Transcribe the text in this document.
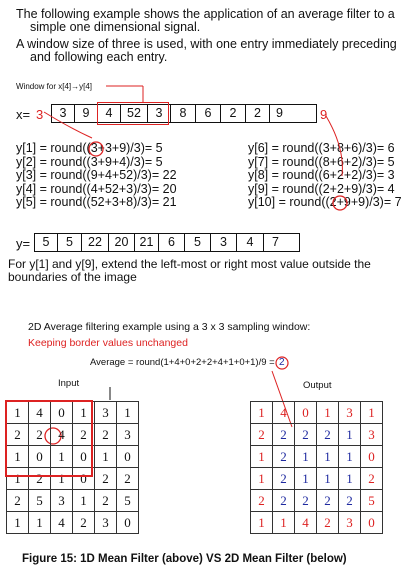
The following example shows the application of an average filter to a
simple one dimensional signal.
A window size of three is used, with one entry immediately preceding
and following each entry.
Window for x[4]→y[4]
x= 3	3	9	4	52	3	8	6	2	2	9	9
y[1] = round((3+3+9)/3)= 5
y[2] = round((3+9+4)/3)= 5
y[3] = round((9+4+52)/3)= 22
y[4] = round((4+52+3)/3)= 20
y[5] = round((52+3+8)/3)= 21
y[6] = round((3+8+6)/3)= 6
y[7] = round((8+6+2)/3)= 5
y[8] = round((6+2+2)/3)= 3
y[9] = round((2+2+9)/3)= 4
y[10] = round((2+9+9)/3)= 7
y= 5	5	22	20 21	6	5	3	4	7
For y[1] and y[9], extend the left-most or right most value outside the
boundaries of the image
2D Average filtering example using a 3 x 3 sampling window:
Keeping border values unchanged
Average = round(1+4+0+2+2+4+1+0+1)/9 = 2
Input	Output
1	4	0	1	3	1
2	2	4	2	2	3
1	0	1	0	1	0
1	2	1	0	2	2
2	5	3	1	2	5
1	1	4	2	3	0
1	4	0	1	3	1
2	2	2	2	1	3
1	2	1	1	1	0
1	2	1	1	1	2
2	2	2	2	2	5
1	1	4	2	3	0
Figure 15: 1D Mean Filter (above) VS 2D Mean Filter (below)
